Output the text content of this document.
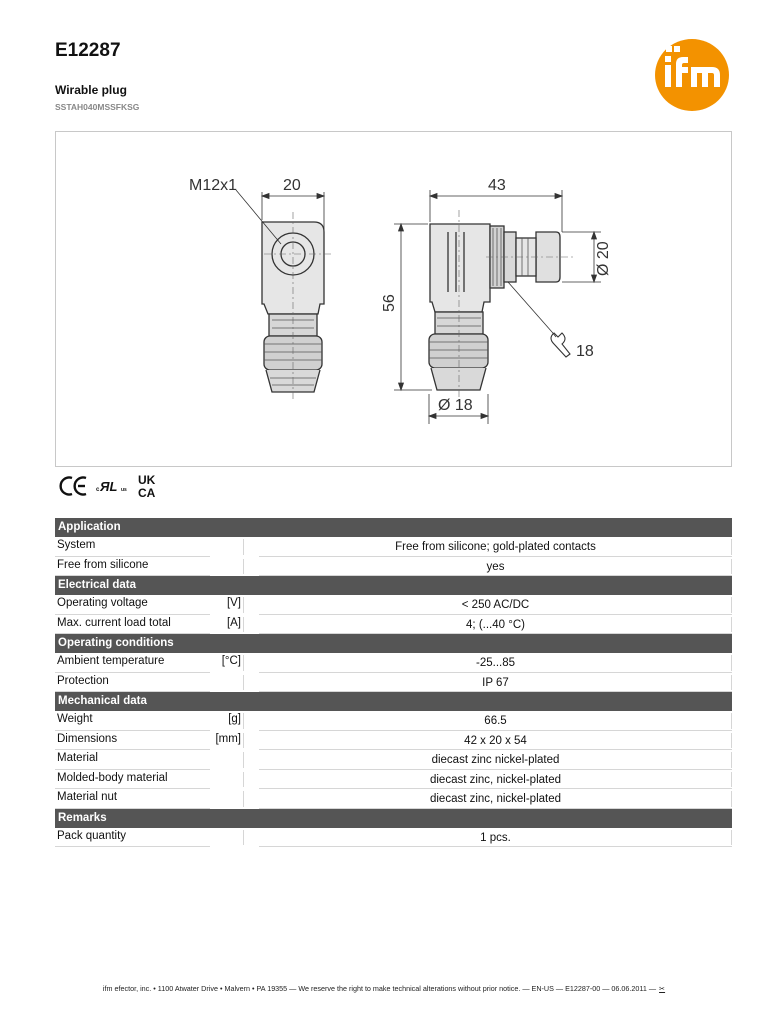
E12287
Wirable plug
SSTAH040MSSFKSG	ifm
M12x1	20	43
56
Ø 20
Ø 18
18
CE
c ЯL us
cRUus
UK
CA
UKCA
Application
System	Free from silicone; gold-plated contacts
Free from silicone	yes
Electrical data
Operating voltage	[V]	< 250 AC/DC
Max. current load total	[A]	4; (...40 °C)
Operating conditions
Ambient temperature	[°C]	-25...85
Protection	IP 67
Mechanical data
Weight	[g]	66.5
Dimensions	[mm]	42 x 20 x 54
Material	diecast zinc nickel-plated
Molded-body material	diecast zinc, nickel-plated
Material nut	diecast zinc, nickel-plated
Remarks
Pack quantity	1 pcs.
ifm efector, inc. • 1100 Atwater Drive • Malvern • PA 19355 — We reserve the right to make technical alterations without prior notice. — EN-US — E12287-00 — 06.06.2011 — ✂
